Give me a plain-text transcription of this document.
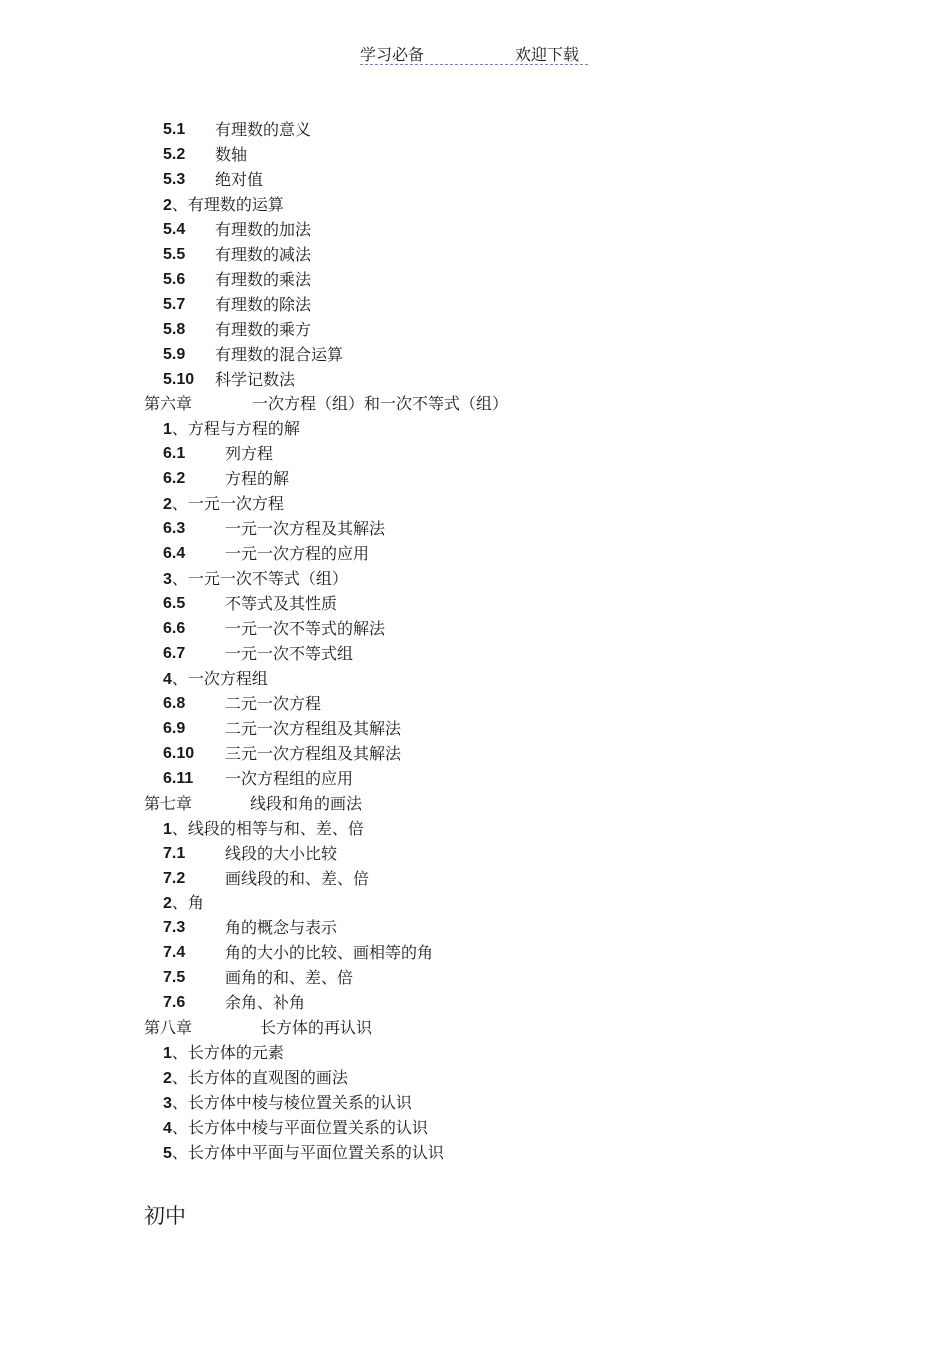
学习必备	欢迎下载
5.1 有理数的意义
5.2 数轴
5.3 绝对值
2、有理数的运算
5.4 有理数的加法
5.5 有理数的减法
5.6 有理数的乘法
5.7 有理数的除法
5.8 有理数的乘方
5.9 有理数的混合运算
5.10 科学记数法
第六章	一次方程（组）和一次不等式（组）
1、方程与方程的解
6.1 列方程
6.2 方程的解
2、一元一次方程
6.3 一元一次方程及其解法
6.4 一元一次方程的应用
3、一元一次不等式（组）
6.5 不等式及其性质
6.6 一元一次不等式的解法
6.7 一元一次不等式组
4、一次方程组
6.8 二元一次方程
6.9 二元一次方程组及其解法
6.10 三元一次方程组及其解法
6.11 一次方程组的应用
第七章	线段和角的画法
1、线段的相等与和、差、倍
7.1 线段的大小比较
7.2 画线段的和、差、倍
2、角
7.3 角的概念与表示
7.4 角的大小的比较、画相等的角
7.5 画角的和、差、倍
7.6 余角、补角
第八章	长方体的再认识
1、长方体的元素
2、长方体的直观图的画法
3、长方体中棱与棱位置关系的认识
4、长方体中棱与平面位置关系的认识
5、长方体中平面与平面位置关系的认识
初中
